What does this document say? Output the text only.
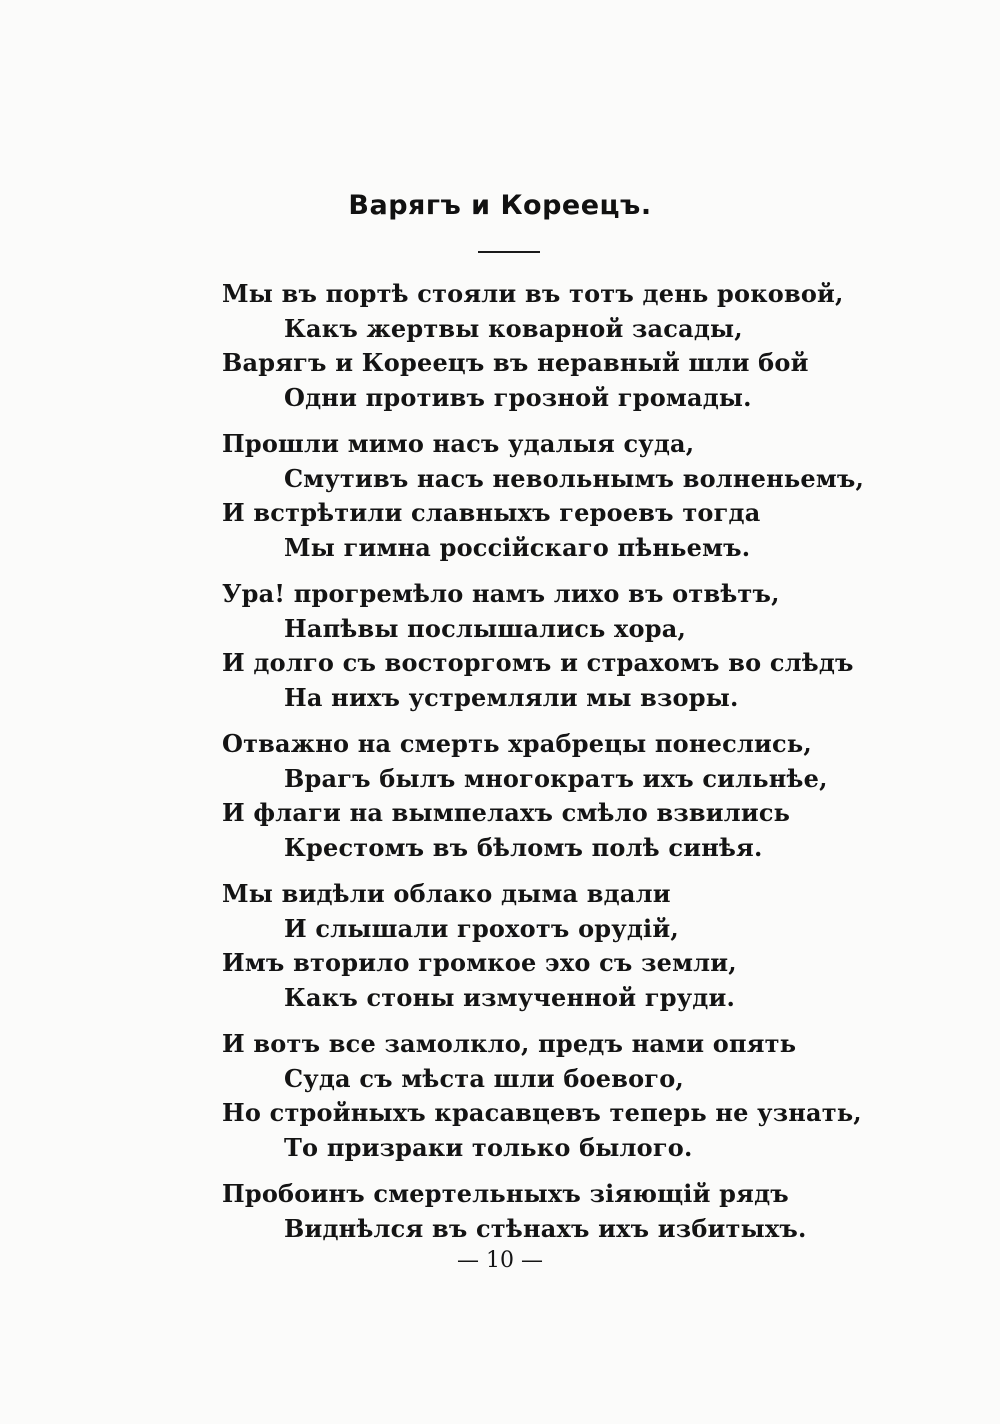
Варягъ и Кореецъ.
Мы въ портѣ стояли въ тотъ день роковой,
Какъ жертвы коварной засады,
Варягъ и Кореецъ въ неравный шли бой
Одни противъ грозной громады.
Прошли мимо насъ удалыя суда,
Смутивъ насъ невольнымъ волненьемъ,
И встрѣтили славныхъ героевъ тогда
Мы гимна россійскаго пѣньемъ.
Ура! прогремѣло намъ лихо въ отвѣтъ,
Напѣвы послышались хора,
И долго съ восторгомъ и страхомъ во слѣдъ
На нихъ устремляли мы взоры.
Отважно на смерть храбрецы понеслись,
Врагъ былъ многократъ ихъ сильнѣе,
И флаги на вымпелахъ смѣло взвились
Крестомъ въ бѣломъ полѣ синѣя.
Мы видѣли облако дыма вдали
И слышали грохотъ орудій,
Имъ вторило громкое эхо съ земли,
Какъ стоны измученной груди.
И вотъ все замолкло, предъ нами опять
Суда съ мѣста шли боевого,
Но стройныхъ красавцевъ теперь не узнать,
То призраки только былого.
Пробоинъ смертельныхъ зіяющій рядъ
Виднѣлся въ стѣнахъ ихъ избитыхъ.
— 10 —
